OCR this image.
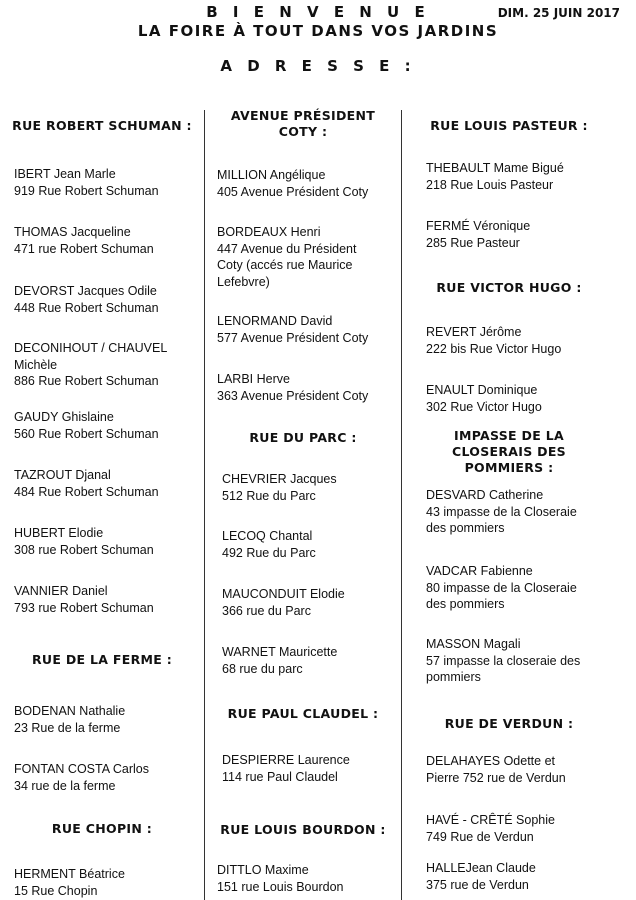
B I E N V E N U E
LA FOIRE À TOUT DANS VOS JARDINS
A D R E S S E :
DIM. 25 JUIN 2017
RUE ROBERT SCHUMAN :
IBERT Jean Marle
919 Rue Robert Schuman
THOMAS Jacqueline
471 rue Robert Schuman
DEVORST Jacques Odile
448 Rue Robert Schuman
DECONIHOUT / CHAUVEL
Michèle
886 Rue Robert Schuman
GAUDY Ghislaine
560 Rue Robert Schuman
TAZROUT Djanal
484 Rue Robert Schuman
HUBERT Elodie
308 rue Robert Schuman
VANNIER Daniel
793 rue Robert Schuman
RUE DE LA FERME :
BODENAN Nathalie
23 Rue de la ferme
FONTAN COSTA Carlos
34 rue de la ferme
RUE CHOPIN :
HERMENT Béatrice
15 Rue Chopin
AVENUE PRÉSIDENT
COTY :
MILLION Angélique
405 Avenue Président Coty
BORDEAUX Henri
447 Avenue du Président
Coty (accés rue Maurice
Lefebvre)
LENORMAND David
577 Avenue Président Coty
LARBI Herve
363 Avenue Président Coty
RUE DU PARC :
CHEVRIER Jacques
512 Rue du Parc
LECOQ Chantal
492 Rue du Parc
MAUCONDUIT Elodie
366 rue du Parc
WARNET Mauricette
68 rue du parc
RUE PAUL CLAUDEL :
DESPIERRE Laurence
114 rue Paul Claudel
RUE LOUIS BOURDON :
DITTLO Maxime
151 rue Louis Bourdon
RUE LOUIS PASTEUR :
THEBAULT Mame Bigué
218 Rue Louis Pasteur
FERMÉ Véronique
285 Rue Pasteur
RUE VICTOR HUGO :
REVERT Jérôme
222 bis Rue Victor Hugo
ENAULT Dominique
302 Rue Victor Hugo
IMPASSE DE LA
CLOSERAIS DES
POMMIERS :
DESVARD Catherine
43 impasse de la Closeraie
des pommiers
VADCAR Fabienne
80 impasse de la Closeraie
des pommiers
MASSON Magali
57 impasse la closeraie des
pommiers
RUE DE VERDUN :
DELAHAYES Odette et
Pierre 752 rue de Verdun
HAVÉ - CRÊTÉ Sophie
749 Rue de Verdun
HALLEJean Claude
375 rue de Verdun
